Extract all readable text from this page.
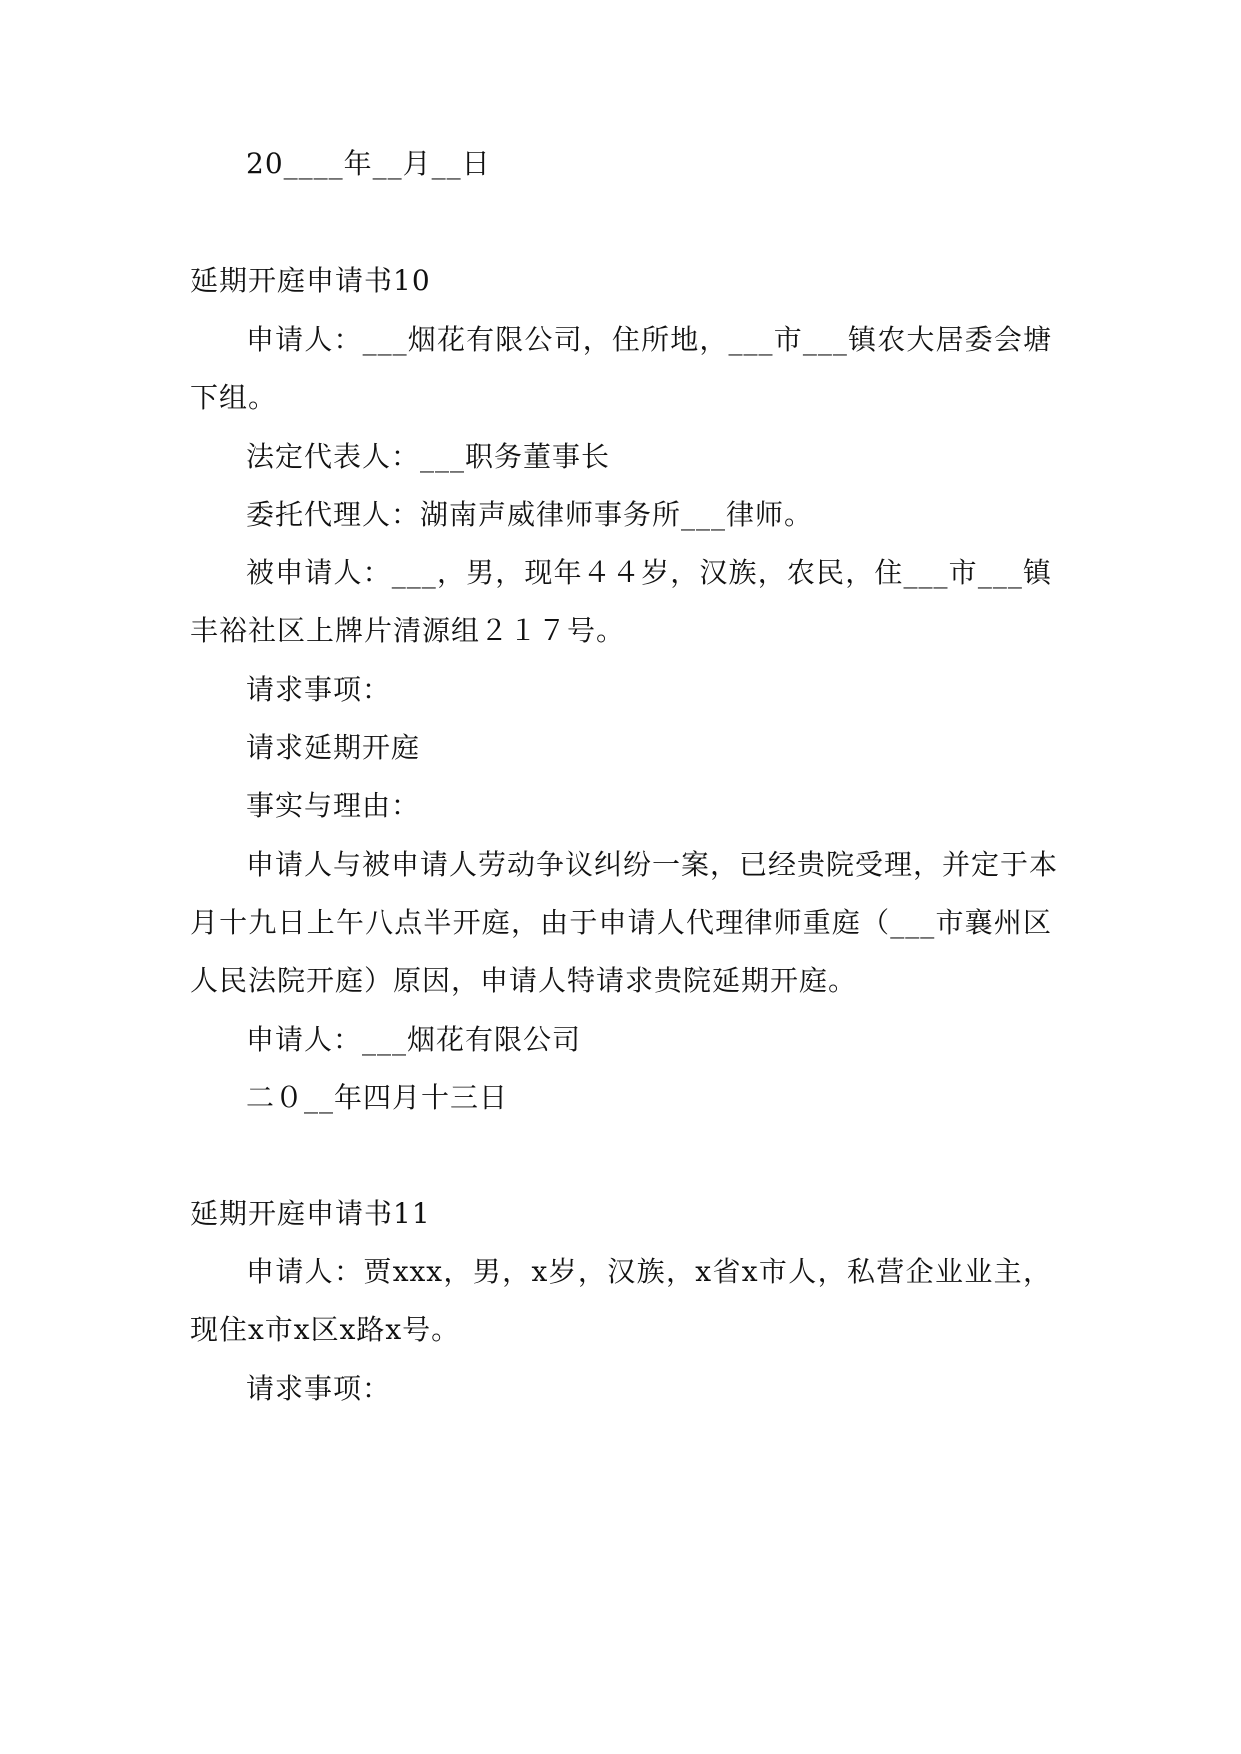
20____年__月__日
延期开庭申请书10
申请人：___烟花有限公司，住所地，___市___镇农大居委会塘
下组。
法定代表人：___职务董事长
委托代理人：湖南声威律师事务所___律师。
被申请人：___，男，现年４４岁，汉族，农民，住___市___镇
丰裕社区上牌片清源组２１７号。
请求事项：
请求延期开庭
事实与理由：
申请人与被申请人劳动争议纠纷一案，已经贵院受理，并定于本
月十九日上午八点半开庭，由于申请人代理律师重庭（___市襄州区
人民法院开庭）原因，申请人特请求贵院延期开庭。
申请人：___烟花有限公司
二０__年四月十三日
延期开庭申请书11
申请人：贾xxx，男，x岁，汉族，x省x市人，私营企业业主，
现住x市x区x路x号。
请求事项：
